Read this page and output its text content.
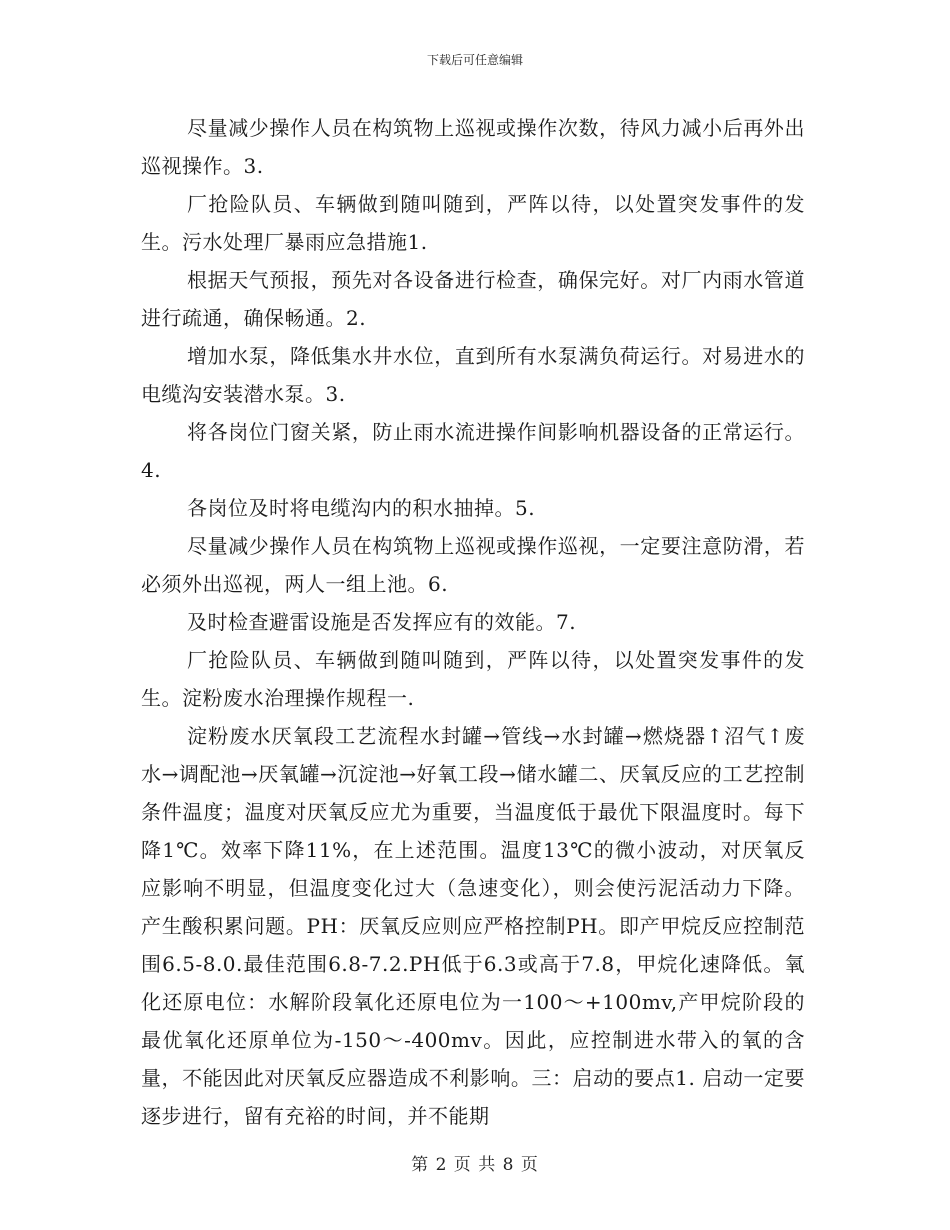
下载后可任意编辑

尽量减少操作人员在构筑物上巡视或操作次数，待风力减小后再外出巡视操作。3.

厂抢险队员、车辆做到随叫随到，严阵以待，以处置突发事件的发生。污水处理厂暴雨应急措施1.

根据天气预报，预先对各设备进行检查，确保完好。对厂内雨水管道进行疏通，确保畅通。2.

增加水泵，降低集水井水位，直到所有水泵满负荷运行。对易进水的电缆沟安装潜水泵。3.

将各岗位门窗关紧，防止雨水流进操作间影响机器设备的正常运行。4.

各岗位及时将电缆沟内的积水抽掉。5.

尽量减少操作人员在构筑物上巡视或操作巡视，一定要注意防滑，若必须外出巡视，两人一组上池。6.

及时检查避雷设施是否发挥应有的效能。7.

厂抢险队员、车辆做到随叫随到，严阵以待，以处置突发事件的发生。淀粉废水治理操作规程一.

淀粉废水厌氧段工艺流程水封罐→管线→水封罐→燃烧器↑沼气↑废水→调配池→厌氧罐→沉淀池→好氧工段→储水罐二、厌氧反应的工艺控制条件温度；温度对厌氧反应尤为重要，当温度低于最优下限温度时。每下降1℃。效率下降11%，在上述范围。温度13℃的微小波动，对厌氧反应影响不明显，但温度变化过大（急速变化），则会使污泥活动力下降。产生酸积累问题。PH：厌氧反应则应严格控制PH。即产甲烷反应控制范围6.5-8.0.最佳范围6.8-7.2.PH低于6.3或高于7.8，甲烷化速降低。氧化还原电位：水解阶段氧化还原电位为一100～+100mv,产甲烷阶段的最优氧化还原单位为-150～-400mv。因此，应控制进水带入的氧的含量，不能因此对厌氧反应器造成不利影响。三：启动的要点1. 启动一定要逐步进行，留有充裕的时间，并不能期

第 2 页 共 8 页
